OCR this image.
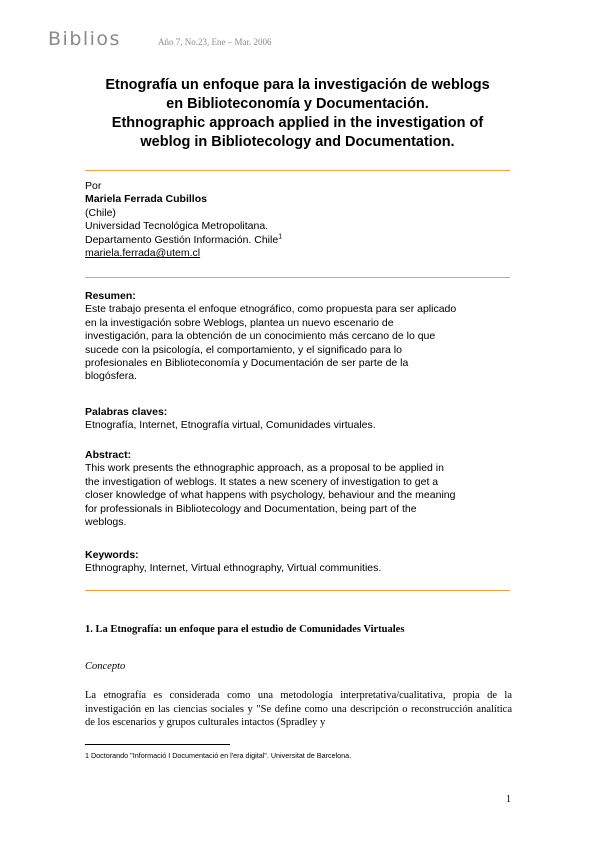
Biblios	Año 7, No.23, Ene – Mar. 2006
Etnografía un enfoque para la investigación de weblogs
en Biblioteconomía y Documentación.
Ethnographic approach applied in the investigation of
weblog in Bibliotecology and Documentation.
Por
Mariela Ferrada Cubillos
(Chile)
Universidad Tecnológica Metropolitana.
Departamento Gestión Información. Chile$^1$
mariela.ferrada@utem.cl
Resumen:
Este trabajo presenta el enfoque etnográfico, como propuesta para ser aplicado
en la investigación sobre Weblogs, plantea un nuevo escenario de
investigación, para la obtención de un conocimiento más cercano de lo que
sucede con la psicología, el comportamiento, y el significado para lo
profesionales en Biblioteconomía y Documentación de ser parte de la
blogósfera.
Palabras claves:
Etnografía, Internet, Etnografía virtual, Comunidades virtuales.
Abstract:
This work presents the ethnographic approach, as a proposal to be applied in
the investigation of weblogs. It states a new scenery of investigation to get a
closer knowledge of what happens with psychology, behaviour and the meaning
for professionals in Bibliotecology and Documentation, being part of the
weblogs.
Keywords:
Ethnography, Internet, Virtual ethnography, Virtual communities.
1. La Etnografía: un enfoque para el estudio de Comunidades Virtuales
Concepto
La etnografía es considerada como una metodología interpretativa/cualitativa, propia de la investigación en las ciencias sociales y "Se define como una descripción o reconstrucción analítica de los escenarios y grupos culturales intactos (Spradley y
1 Doctorando "Informació I Documentació en l'era digital". Universitat de Barcelona.
1
